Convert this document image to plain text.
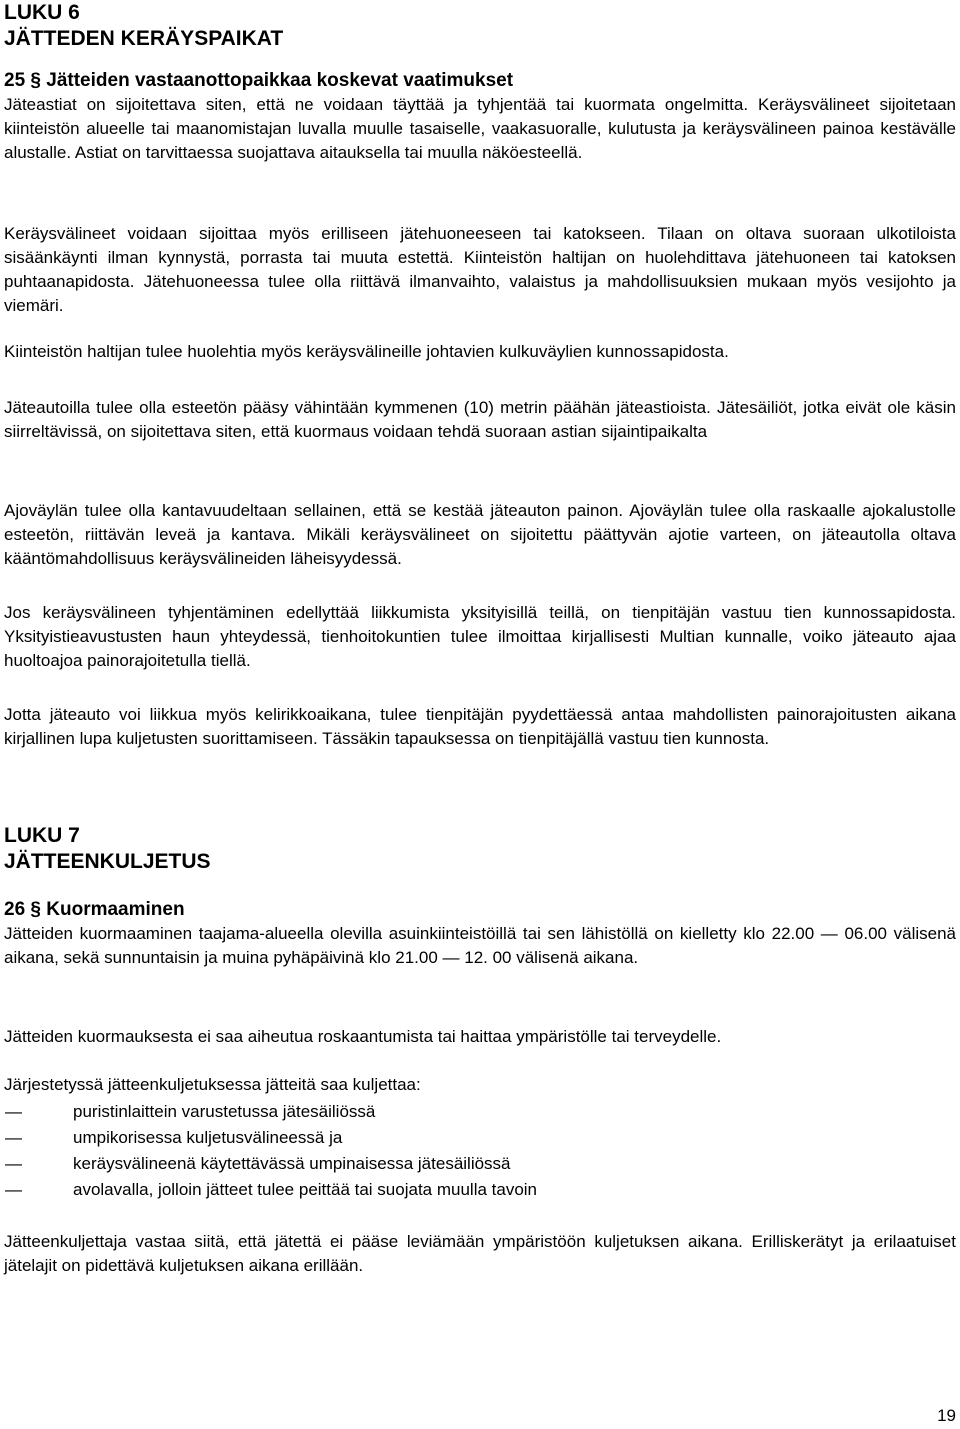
LUKU 6
JÄTTEDEN KERÄYSPAIKAT
25 § Jätteiden vastaanottopaikkaa koskevat vaatimukset

Jäteastiat on sijoitettava siten, että ne voidaan täyttää ja tyhjentää tai kuormata ongelmitta. Keräysvälineet sijoitetaan kiinteistön alueelle tai maanomistajan luvalla muulle tasaiselle, vaakasuoralle, kulutusta ja keräysvälineen painoa kestävälle alustalle. Astiat on tarvittaessa suojattava aitauksella tai muulla näköesteellä.

Keräysvälineet voidaan sijoittaa myös erilliseen jätehuoneeseen tai katokseen. Tilaan on oltava suoraan ulkotiloista sisäänkäynti ilman kynnystä, porrasta tai muuta estettä. Kiinteistön haltijan on huolehdittava jätehuoneen tai katoksen puhtaanapidosta. Jätehuoneessa tulee olla riittävä ilmanvaihto, valaistus ja mahdollisuuksien mukaan myös vesijohto ja viemäri.

Kiinteistön haltijan tulee huolehtia myös keräysvälineille johtavien kulkuväylien kunnossapidosta.

Jäteautoilla tulee olla esteetön pääsy vähintään kymmenen (10) metrin päähän jäteastioista. Jätesäiliöt, jotka eivät ole käsin siirreltävissä, on sijoitettava siten, että kuormaus voidaan tehdä suoraan astian sijaintipaikalta

Ajoväylän tulee olla kantavuudeltaan sellainen, että se kestää jäteauton painon. Ajoväylän tulee olla raskaalle ajokalustolle esteetön, riittävän leveä ja kantava. Mikäli keräysvälineet on sijoitettu päättyvän ajotie varteen, on jäteautolla oltava kääntömahdollisuus keräysvälineiden läheisyydessä.

Jos keräysvälineen tyhjentäminen edellyttää liikkumista yksityisillä teillä, on tienpitäjän vastuu tien kunnossapidosta. Yksityistieavustusten haun yhteydessä, tienhoitokuntien tulee ilmoittaa kirjallisesti Multian kunnalle, voiko jäteauto ajaa huoltoajoa painorajoitetulla tiellä.

Jotta jäteauto voi liikkua myös kelirikkoaikana, tulee tienpitäjän pyydettäessä antaa mahdollisten painorajoitusten aikana kirjallinen lupa kuljetusten suorittamiseen. Tässäkin tapauksessa on tienpitäjällä vastuu tien kunnosta.

LUKU 7
JÄTTEENKULJETUS
26 § Kuormaaminen

Jätteiden kuormaaminen taajama-alueella olevilla asuinkiinteistöillä tai sen lähistöllä on kielletty klo 22.00 — 06.00 välisenä aikana, sekä sunnuntaisin ja muina pyhäpäivinä klo 21.00 — 12. 00 välisenä aikana.

Jätteiden kuormauksesta ei saa aiheutua roskaantumista tai haittaa ympäristölle tai terveydelle.

Järjestetyssä jätteenkuljetuksessa jätteitä saa kuljettaa:

—	puristinlaittein varustetussa jätesäiliössä
—	umpikorisessa kuljetusvälineessä ja
—	keräysvälineenä käytettävässä umpinaisessa jätesäiliössä
—	avolavalla, jolloin jätteet tulee peittää tai suojata muulla tavoin

Jätteenkuljettaja vastaa siitä, että jätettä ei pääse leviämään ympäristöön kuljetuksen aikana. Erilliskerätyt ja erilaatuiset jätelajit on pidettävä kuljetuksen aikana erillään.

19
